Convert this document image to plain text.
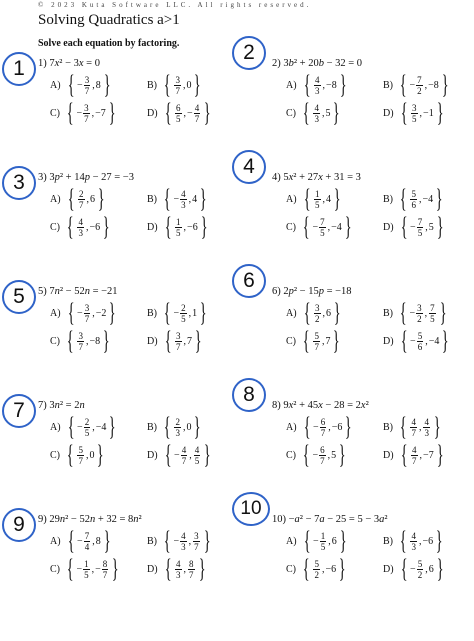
© 2023 Kuta Software LLC. All rights reserved.
Solving Quadratics a>1
Solve each equation by factoring.
1	1) 7x² − 3x = 0
A) { − $\frac{3}{7}$ , 8 }	B) { $\frac{3}{7}$ , 0 }
C) { − $\frac{3}{7}$ , −7 }	D) { $\frac{6}{5}$ , − $\frac{4}{7}$ }
2	2) 3b² + 20b − 32 = 0
A) { $\frac{4}{3}$ , −8 }	B) { − $\frac{7}{2}$ , −8 }
C) { $\frac{4}{3}$ , 5 }	D) { $\frac{3}{5}$ , −1 }
3	3) 3p² + 14p − 27 = −3
A) { $\frac{2}{7}$ , 6 }	B) { − $\frac{4}{3}$ , 4 }
C) { $\frac{4}{3}$ , −6 }	D) { $\frac{1}{5}$ , −6 }
4	4) 5x² + 27x + 31 = 3
A) { $\frac{1}{5}$ , 4 }	B) { $\frac{5}{6}$ , −4 }
C) { − $\frac{7}{5}$ , −4 }	D) { − $\frac{7}{5}$ , 5 }
5	5) 7n² − 52n = −21
A) { − $\frac{3}{7}$ , −2 }	B) { − $\frac{2}{5}$ , 1 }
C) { $\frac{3}{7}$ , −8 }	D) { $\frac{3}{7}$ , 7 }
6	6) 2p² − 15p = −18
A) { $\frac{3}{2}$ , 6 }	B) { − $\frac{3}{2}$ , $\frac{7}{5}$ }
C) { $\frac{5}{7}$ , 7 }	D) { − $\frac{5}{6}$ , −4 }
7	7) 3n² = 2n
A) { − $\frac{2}{5}$ , −4 }	B) { $\frac{2}{3}$ , 0 }
C) { $\frac{5}{7}$ , 0 }	D) { − $\frac{4}{7}$ , $\frac{4}{5}$ }
8	8) 9x² + 45x − 28 = 2x²
A) { − $\frac{6}{7}$ , −6 }	B) { $\frac{4}{7}$ , $\frac{4}{3}$ }
C) { − $\frac{6}{7}$ , 5 }	D) { $\frac{4}{7}$ , −7 }
9	9) 29n² − 52n + 32 = 8n²
A) { − $\frac{7}{4}$ , 8 }	B) { − $\frac{4}{3}$ , $\frac{3}{7}$ }
C) { − $\frac{1}{5}$ , − $\frac{8}{7}$ }	D) { $\frac{4}{3}$ , $\frac{8}{7}$ }
10
10) −a² − 7a − 25 = 5 − 3a²
A) { − $\frac{1}{5}$ , 6 }	B) { $\frac{4}{3}$ , −6 }
C) { $\frac{5}{2}$ , −6 }	D) { − $\frac{5}{2}$ , 6 }
